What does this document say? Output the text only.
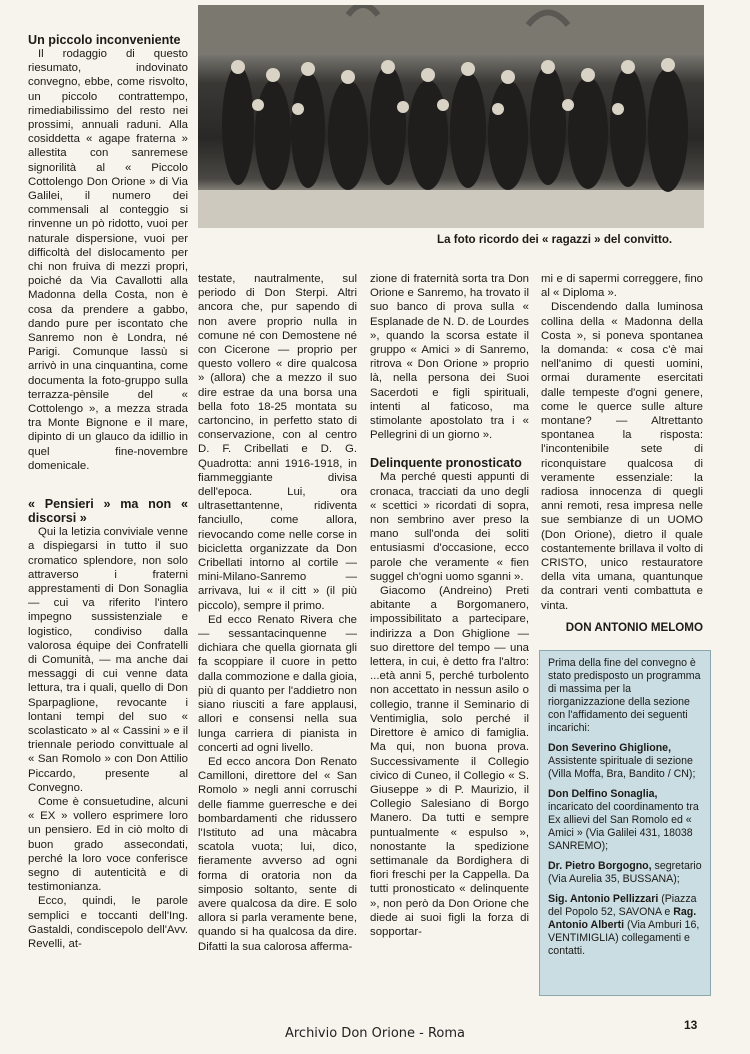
La foto ricordo dei « ragazzi » del convitto.

Un piccolo inconveniente

Il rodaggio di questo riesumato, indovinato convegno, ebbe, come risvolto, un piccolo contrattempo, rimediabilissimo del resto nei prossimi, annuali raduni. Alla cosiddetta « agape fraterna » allestita con sanremese signorilità al « Piccolo Cottolengo Don Orione » di Via Galilei, il numero dei commensali al conteggio si rinvenne un pò ridotto, vuoi per naturale dispersione, vuoi per difficoltà del dislocamento per chi non fruiva di mezzi propri, poiché da Via Cavallotti alla Madonna della Costa, non è cosa da prendere a gabbo, dando pure per iscontato che Sanremo non è Londra, né Parigi. Comunque lassù si arrivò in una cinquantina, come documenta la foto-gruppo sulla terrazza-pènsile del « Cottolengo », a mezza strada tra Monte Bignone e il mare, dipinto di un glauco da idillio in quel fine-novembre domenicale.

« Pensieri » ma non « discorsi »

Qui la letizia conviviale venne a dispiegarsi in tutto il suo cromatico splendore, non solo attraverso i fraterni apprestamenti di Don Sonaglia — cui va riferito l'intero impegno sussistenziale e logistico, condiviso dalla valorosa équipe dei Confratelli di Comunità, — ma anche dai messaggi di cui venne data lettura, tra i quali, quello di Don Sparpaglione, revocante i lontani tempi del suo « scolasticato » al « Cassini » e il triennale periodo convittuale al « San Romolo » con Don Attilio Piccardo, presente al Convegno.

Come è consuetudine, alcuni « EX » vollero esprimere loro un pensiero. Ed in ciò molto di buon grado assecondati, perché la loro voce conferisce segno di autenticità e di testimonianza.

Ecco, quindi, le parole semplici e toccanti dell'Ing. Gastaldi, condiscepolo dell'Avv. Revelli, at-

testate, nautralmente, sul periodo di Don Sterpi. Altri ancora che, pur sapendo di non avere proprio nulla in comune né con Demostene né con Cicerone — proprio per questo vollero « dire qualcosa » (allora) che a mezzo il suo dire estrae da una borsa una bella foto 18-25 montata su cartoncino, in perfetto stato di conservazione, con al centro D. F. Cribellati e D. G. Quadrotta: anni 1916-1918, in fiammeggiante divisa dell'epoca. Lui, ora ultrasettantenne, ridiventa fanciullo, come allora, rievocando come nelle corse in bicicletta organizzate da Don Cribellati intorno al cortile — mini-Milano-Sanremo — arrivava, lui « il citt » (il più piccolo), sempre il primo.

Ed ecco Renato Rivera che — sessantacinquenne — dichiara che quella giornata gli fa scoppiare il cuore in petto dalla commozione e dalla gioia, più di quanto per l'addietro non siano riusciti a fare applausi, allori e consensi nella sua lunga carriera di pianista in concerti ad ogni livello.

Ed ecco ancora Don Renato Camilloni, direttore del « San Romolo » negli anni corruschi delle fiamme guerresche e dei bombardamenti che ridussero l'Istituto ad una màcabra scatola vuota; lui, dico, fieramente avverso ad ogni forma di oratoria non da simposio soltanto, sente di avere qualcosa da dire. E solo allora si parla veramente bene, quando si ha qualcosa da dire. Difatti la sua calorosa afferma-

zione di fraternità sorta tra Don Orione e Sanremo, ha trovato il suo banco di prova sulla « Esplanade de N. D. de Lourdes », quando la scorsa estate il gruppo « Amici » di Sanremo, ritrova « Don Orione » proprio là, nella persona dei Suoi Sacerdoti e figli spirituali, intenti al faticoso, ma stimolante apostolato tra i « Pellegrini di un giorno ».

Delinquente pronosticato

Ma perché questi appunti di cronaca, tracciati da uno degli « scettici » ricordati di sopra, non sembrino aver preso la mano sull'onda dei soliti entusiasmi d'occasione, ecco parole che veramente « fien suggel ch'ogni uomo sganni ».

Giacomo (Andreino) Preti abitante a Borgomanero, impossibilitato a partecipare, indirizza a Don Ghiglione — suo direttore del tempo — una lettera, in cui, è detto fra l'altro: ...età anni 5, perché turbolento non accettato in nessun asilo o collegio, tranne il Seminario di Ventimiglia, solo perché il Direttore è amico di famiglia. Ma qui, non buona prova. Successivamente il Collegio civico di Cuneo, il Collegio « S. Giuseppe » di P. Maurizio, il Collegio Salesiano di Borgo Manero. Da tutti e sempre puntualmente « espulso », nonostante la spedizione settimanale da Bordighera di fiori freschi per la Cappella. Da tutti pronosticato « delinquente », non però da Don Orione che diede ai suoi figli la forza di sopportar-

mi e di sapermi correggere, fino al « Diploma ».

Discendendo dalla luminosa collina della « Madonna della Costa », si poneva spontanea la domanda: « cosa c'è mai nell'animo di questi uomini, ormai duramente esercitati dalle tempeste d'ogni genere, come le querce sulle alture montane? — Altrettanto spontanea la risposta: l'incontenibile sete di riconquistare qualcosa di veramente essenziale: la radiosa innocenza di quegli anni remoti, resa impresa nelle sue sembianze di un UOMO (Don Orione), dietro il quale costantemente brillava il volto di CRISTO, unico restauratore della vita umana, quantunque da contrari venti combattuta e vinta.

DON ANTONIO MELOMO

Prima della fine del convegno è stato predisposto un programma di massima per la riorganizzazione della sezione con l'affidamento dei seguenti incarichi:

Don Severino Ghiglione, Assistente spirituale di sezione (Villa Moffa, Bra, Bandito / CN);

Don Delfino Sonaglia, incaricato del coordinamento tra Ex allievi del San Romolo ed « Amici » (Via Galilei 431, 18038 SANREMO);

Dr. Pietro Borgogno, segretario (Via Aurelia 35, BUSSANA);

Sig. Antonio Pellizzari (Piazza del Popolo 52, SAVONA e Rag. Antonio Alberti (Via Amburi 16, VENTIMIGLIA) collegamenti e contatti.

13
Archivio Don Orione - Roma
